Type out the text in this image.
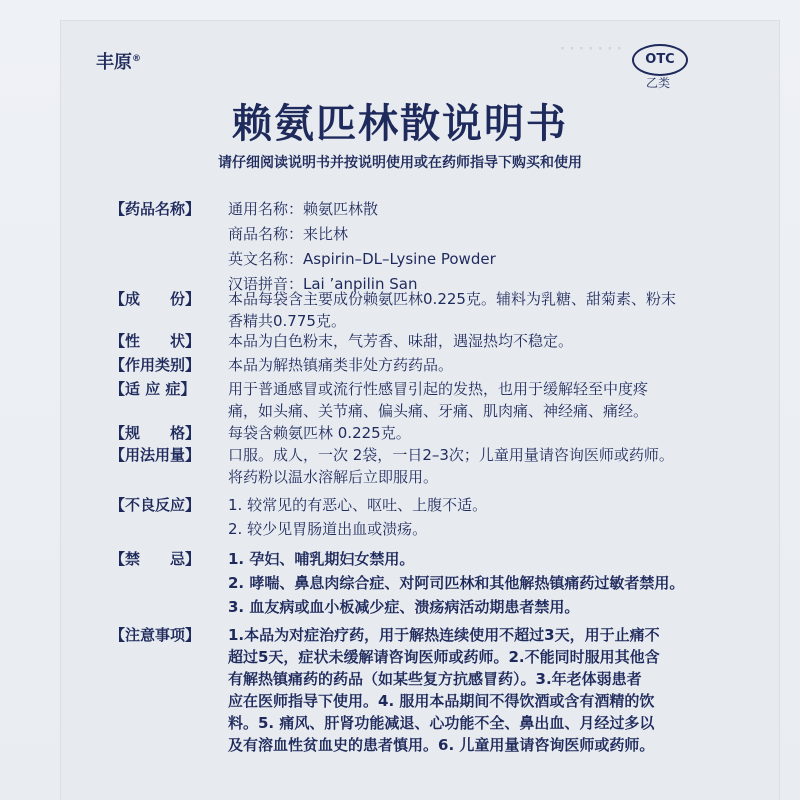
· · · · · · ·
丰原®	OTC
乙类
赖氨匹林散说明书
请仔细阅读说明书并按说明使用或在药师指导下购买和使用
【药品名称】	通用名称：赖氨匹林散
商品名称：来比林
英文名称：Aspirin–DL–Lysine Powder
汉语拼音：Lai ’anpilin San
【成　　份】	本品每袋含主要成份赖氨匹林0.225克。辅料为乳糖、甜菊素、粉末
香精共0.775克。
【性　　状】	本品为白色粉末，气芳香、味甜，遇湿热均不稳定。
【作用类别】	本品为解热镇痛类非处方药药品。
【适 应 症】	用于普通感冒或流行性感冒引起的发热，也用于缓解轻至中度疼
痛，如头痛、关节痛、偏头痛、牙痛、肌肉痛、神经痛、痛经。
【规　　格】	每袋含赖氨匹林 0.225克。
【用法用量】	口服。成人，一次 2袋，一日2–3次；儿童用量请咨询医师或药师。
将药粉以温水溶解后立即服用。
【不良反应】	1. 较常见的有恶心、呕吐、上腹不适。
2. 较少见胃肠道出血或溃疡。
【禁　　忌】	1. 孕妇、哺乳期妇女禁用。
2. 哮喘、鼻息肉综合症、对阿司匹林和其他解热镇痛药过敏者禁用。
3. 血友病或血小板减少症、溃疡病活动期患者禁用。
【注意事项】	1.本品为对症治疗药，用于解热连续使用不超过3天，用于止痛不
超过5天，症状未缓解请咨询医师或药师。2.不能同时服用其他含
有解热镇痛药的药品（如某些复方抗感冒药）。3.年老体弱患者
应在医师指导下使用。4. 服用本品期间不得饮酒或含有酒精的饮
料。5. 痛风、肝肾功能减退、心功能不全、鼻出血、月经过多以
及有溶血性贫血史的患者慎用。6. 儿童用量请咨询医师或药师。
